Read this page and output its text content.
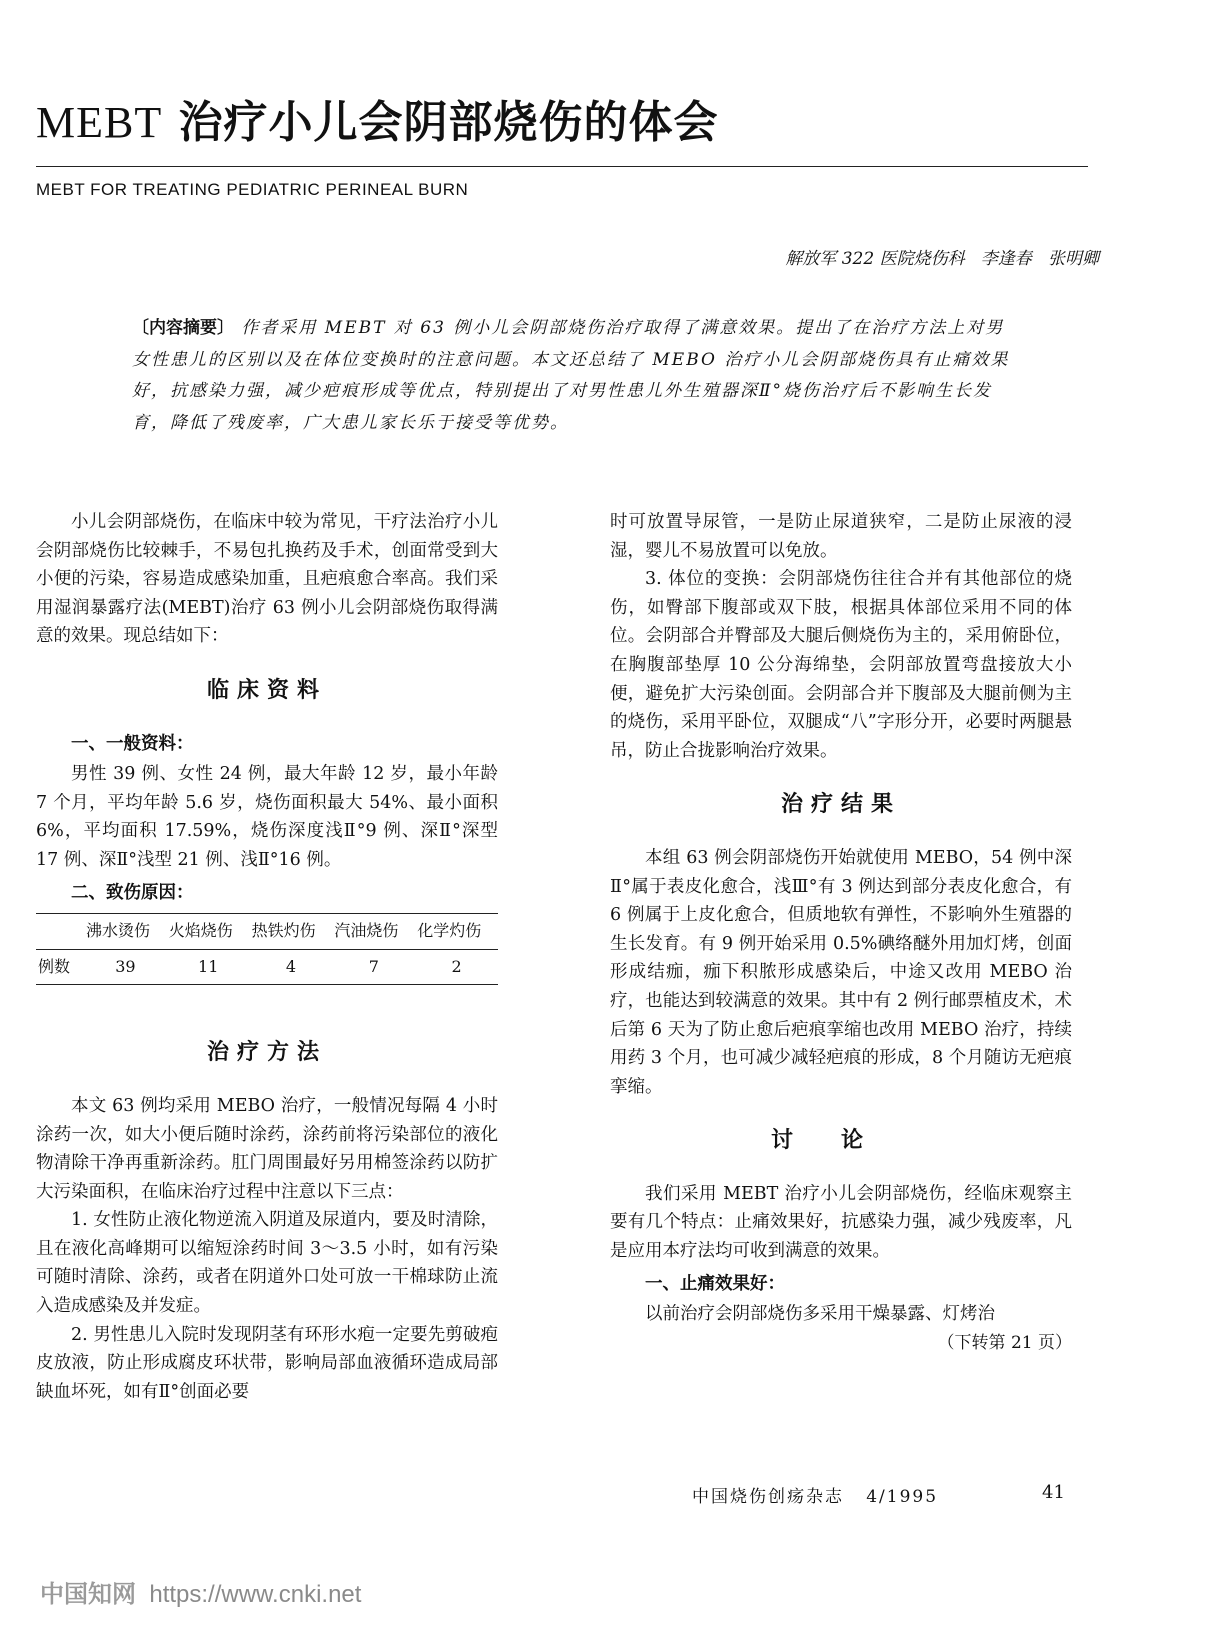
MEBT 治疗小儿会阴部烧伤的体会
MEBT FOR TREATING PEDIATRIC PERINEAL BURN
解放军 322 医院烧伤科   李逢春   张明卿
〔内容摘要〕 作者采用 MEBT 对 63 例小儿会阴部烧伤治疗取得了满意效果。提出了在治疗方法上对男女性患儿的区别以及在体位变换时的注意问题。本文还总结了 MEBO 治疗小儿会阴部烧伤具有止痛效果好，抗感染力强，减少疤痕形成等优点，特别提出了对男性患儿外生殖器深Ⅱ°烧伤治疗后不影响生长发育，降低了残废率，广大患儿家长乐于接受等优势。

小儿会阴部烧伤，在临床中较为常见，干疗法治疗小儿会阴部烧伤比较棘手，不易包扎换药及手术，创面常受到大小便的污染，容易造成感染加重，且疤痕愈合率高。我们采用湿润暴露疗法(MEBT)治疗 63 例小儿会阴部烧伤取得满意的效果。现总结如下：

临床资料
一、一般资料：

男性 39 例、女性 24 例，最大年龄 12 岁，最小年龄 7 个月，平均年龄 5.6 岁，烧伤面积最大 54%、最小面积 6%，平均面积 17.59%，烧伤深度浅Ⅱ°9 例、深Ⅱ°深型 17 例、深Ⅱ°浅型 21 例、浅Ⅱ°16 例。

二、致伤原因：
	沸水烫伤	火焰烧伤	热铁灼伤	汽油烧伤	化学灼伤
例数	39	11	4	7	2
治疗方法

本文 63 例均采用 MEBO 治疗，一般情况每隔 4 小时涂药一次，如大小便后随时涂药，涂药前将污染部位的液化物清除干净再重新涂药。肛门周围最好另用棉签涂药以防扩大污染面积，在临床治疗过程中注意以下三点：

1. 女性防止液化物逆流入阴道及尿道内，要及时清除，且在液化高峰期可以缩短涂药时间 3～3.5 小时，如有污染可随时清除、涂药，或者在阴道外口处可放一干棉球防止流入造成感染及并发症。

2. 男性患儿入院时发现阴茎有环形水疱一定要先剪破疱皮放液，防止形成腐皮环状带，影响局部血液循环造成局部缺血坏死，如有Ⅱ°创面必要

时可放置导尿管，一是防止尿道狭窄，二是防止尿液的浸湿，婴儿不易放置可以免放。

3. 体位的变换：会阴部烧伤往往合并有其他部位的烧伤，如臀部下腹部或双下肢，根据具体部位采用不同的体位。会阴部合并臀部及大腿后侧烧伤为主的，采用俯卧位，在胸腹部垫厚 10 公分海绵垫，会阴部放置弯盘接放大小便，避免扩大污染创面。会阴部合并下腹部及大腿前侧为主的烧伤，采用平卧位，双腿成“八”字形分开，必要时两腿悬吊，防止合拢影响治疗效果。

治疗结果

本组 63 例会阴部烧伤开始就使用 MEBO，54 例中深Ⅱ°属于表皮化愈合，浅Ⅲ°有 3 例达到部分表皮化愈合，有 6 例属于上皮化愈合，但质地软有弹性，不影响外生殖器的生长发育。有 9 例开始采用 0.5%碘络醚外用加灯烤，创面形成结痂，痂下积脓形成感染后，中途又改用 MEBO 治疗，也能达到较满意的效果。其中有 2 例行邮票植皮术，术后第 6 天为了防止愈后疤痕挛缩也改用 MEBO 治疗，持续用药 3 个月，也可减少减轻疤痕的形成，8 个月随访无疤痕挛缩。

讨论

我们采用 MEBT 治疗小儿会阴部烧伤，经临床观察主要有几个特点：止痛效果好，抗感染力强，减少残废率，凡是应用本疗法均可收到满意的效果。

一、止痛效果好：

以前治疗会阴部烧伤多采用干燥暴露、灯烤治

（下转第 21 页）

中国烧伤创疡杂志   4/1995	41
中国知网 https://www.cnki.net
